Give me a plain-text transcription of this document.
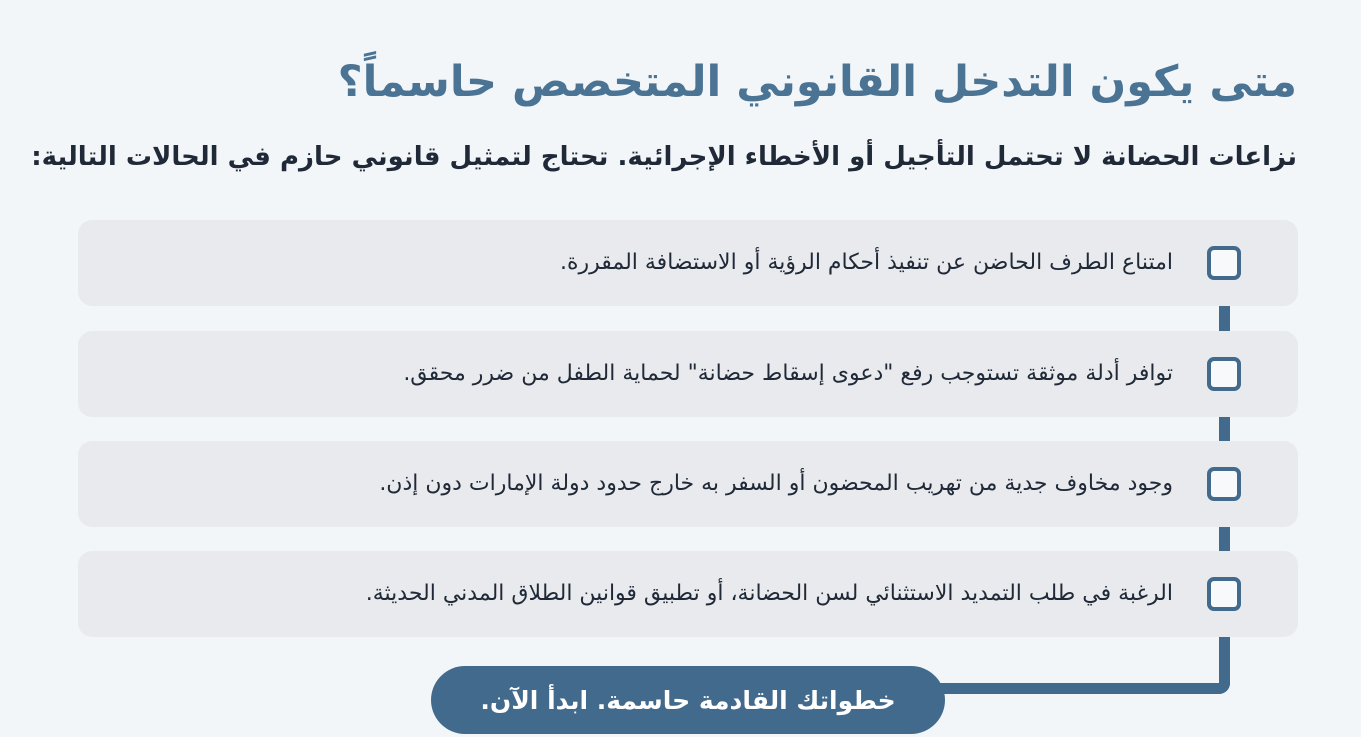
متى يكون التدخل القانوني المتخصص حاسماً؟

نزاعات الحضانة لا تحتمل التأجيل أو الأخطاء الإجرائية. تحتاج لتمثيل قانوني حازم في الحالات التالية:

امتناع الطرف الحاضن عن تنفيذ أحكام الرؤية أو الاستضافة المقررة.
توافر أدلة موثقة تستوجب رفع "دعوى إسقاط حضانة" لحماية الطفل من ضرر محقق.
وجود مخاوف جدية من تهريب المحضون أو السفر به خارج حدود دولة الإمارات دون إذن.
الرغبة في طلب التمديد الاستثنائي لسن الحضانة، أو تطبيق قوانين الطلاق المدني الحديثة.
خطواتك القادمة حاسمة. ابدأ الآن.
